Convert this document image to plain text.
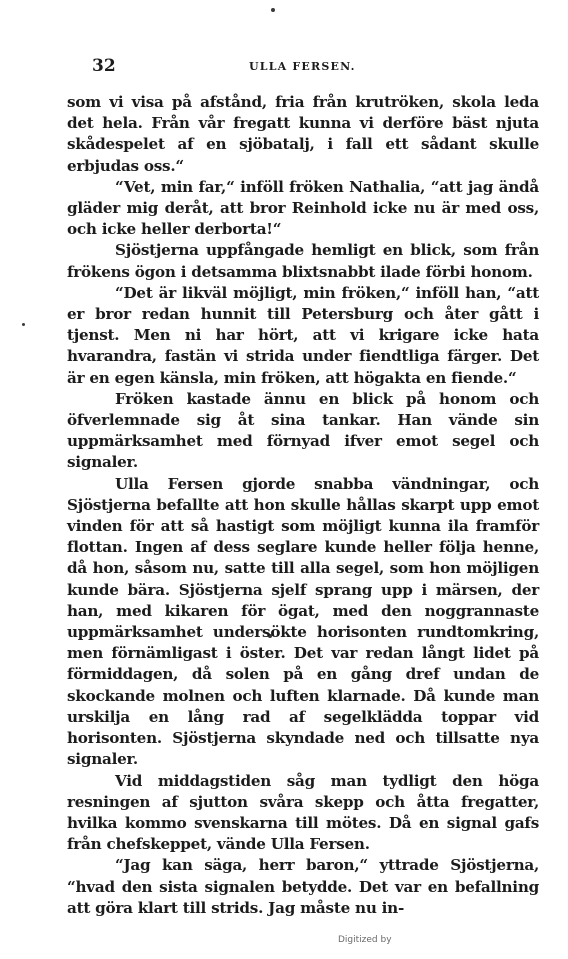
32	ULLA FERSEN.

som vi visa på afstånd, fria från krutröken, skola leda det hela. Från vår fregatt kunna vi derföre bäst njuta skådespelet af en sjöbatalj, i fall ett sådant skulle erbjudas oss.“

“Vet, min far,“ inföll fröken Nathalia, “att jag ändå gläder mig deråt, att bror Reinhold icke nu är med oss, och icke heller derborta!“

Sjöstjerna uppfångade hemligt en blick, som från frökens ögon i detsamma blixtsnabbt ilade förbi honom.

“Det är likväl möjligt, min fröken,“ inföll han, “att er bror redan hunnit till Petersburg och åter gått i tjenst. Men ni har hört, att vi krigare icke hata hvarandra, fastän vi strida under fiendtliga färger. Det är en egen känsla, min fröken, att högakta en fiende.“

Fröken kastade ännu en blick på honom och öfverlemnade sig åt sina tankar. Han vände sin uppmärksamhet med förnyad ifver emot segel och signaler.

Ulla Fersen gjorde snabba vändningar, och Sjöstjerna befallte att hon skulle hållas skarpt upp emot vinden för att så hastigt som möjligt kunna ila framför flottan. Ingen af dess seglare kunde heller följa henne, då hon, såsom nu, satte till alla segel, som hon möjligen kunde bära. Sjöstjerna sjelf sprang upp i märsen, der han, med kikaren för ögat, med den noggrannaste uppmärksamhet undersökte horisonten rundtomkring, men förnämligast i öster. Det var redan långt lidet på förmiddagen, då solen på en gång dref undan de skockande molnen och luften klarnade. Då kunde man urskilja en lång rad af segelklädda toppar vid horisonten. Sjöstjerna skyndade ned och tillsatte nya signaler.

Vid middagstiden såg man tydligt den höga resningen af sjutton svåra skepp och åtta fregatter, hvilka kommo svenskarna till mötes. Då en signal gafs från chefskeppet, vände Ulla Fersen.

“Jag kan säga, herr baron,“ yttrade Sjöstjerna, “hvad den sista signalen betydde. Det var en befallning att göra klart till strids. Jag måste nu in-

Digitized by
